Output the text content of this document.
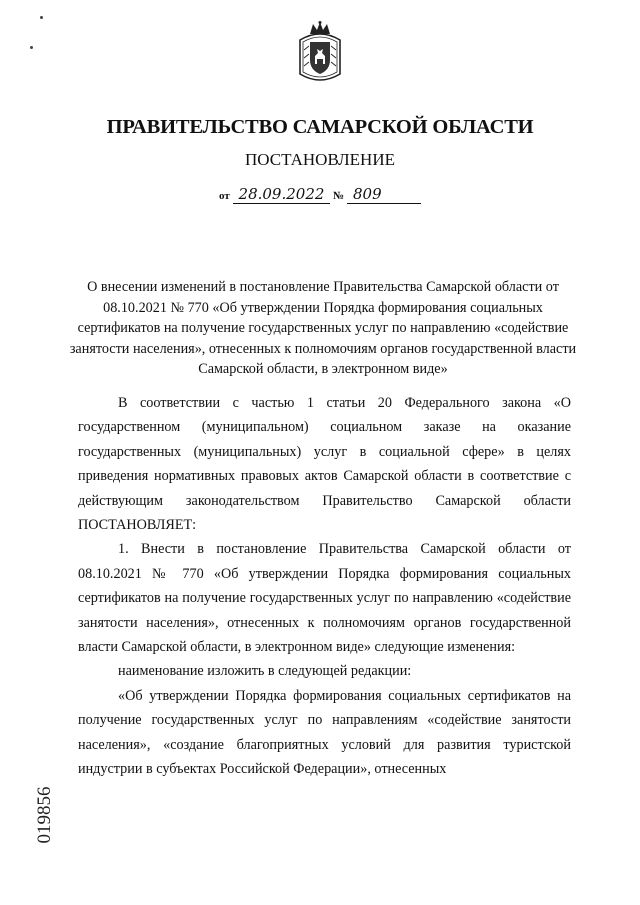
ПРАВИТЕЛЬСТВО САМАРСКОЙ ОБЛАСТИ
ПОСТАНОВЛЕНИЕ
от 28.09.2022 № 809
О внесении изменений в постановление Правительства Самарской области от 08.10.2021 № 770 «Об утверждении Порядка формирования социальных сертификатов на получение государственных услуг по направлению «содействие занятости населения», отнесенных к полномочиям органов государственной власти Самарской области, в электронном виде»

В соответствии с частью 1 статьи 20 Федерального закона «О государственном (муниципальном) социальном заказе на оказание государственных (муниципальных) услуг в социальной сфере» в целях приведения нормативных правовых актов Самарской области в соответствие с действующим законодательством Правительство Самарской области ПОСТАНОВЛЯЕТ:

1. Внести в постановление Правительства Самарской области от 08.10.2021 № 770 «Об утверждении Порядка формирования социальных сертификатов на получение государственных услуг по направлению «содействие занятости населения», отнесенных к полномочиям органов государственной власти Самарской области, в электронном виде» следующие изменения:

наименование изложить в следующей редакции:

«Об утверждении Порядка формирования социальных сертификатов на получение государственных услуг по направлениям «содействие занятости населения», «создание благоприятных условий для развития туристской индустрии в субъектах Российской Федерации», отнесенных

019856
